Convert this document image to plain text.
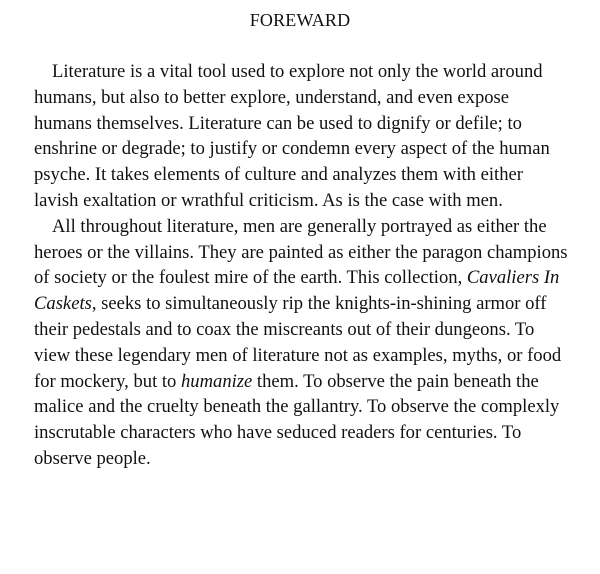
FOREWARD

Literature is a vital tool used to explore not only the world around humans, but also to better explore, understand, and even expose humans themselves. Literature can be used to dignify or defile; to enshrine or degrade; to justify or condemn every aspect of the human psyche. It takes elements of culture and analyzes them with either lavish exaltation or wrathful criticism. As is the case with men.

All throughout literature, men are generally portrayed as either the heroes or the villains. They are painted as either the paragon champions of society or the foulest mire of the earth. This collection, Cavaliers In Caskets, seeks to simultaneously rip the knights-in-shining armor off their pedestals and to coax the miscreants out of their dungeons. To view these legendary men of literature not as examples, myths, or food for mockery, but to humanize them. To observe the pain beneath the malice and the cruelty beneath the gallantry. To observe the complexly inscrutable characters who have seduced readers for centuries. To observe people.
